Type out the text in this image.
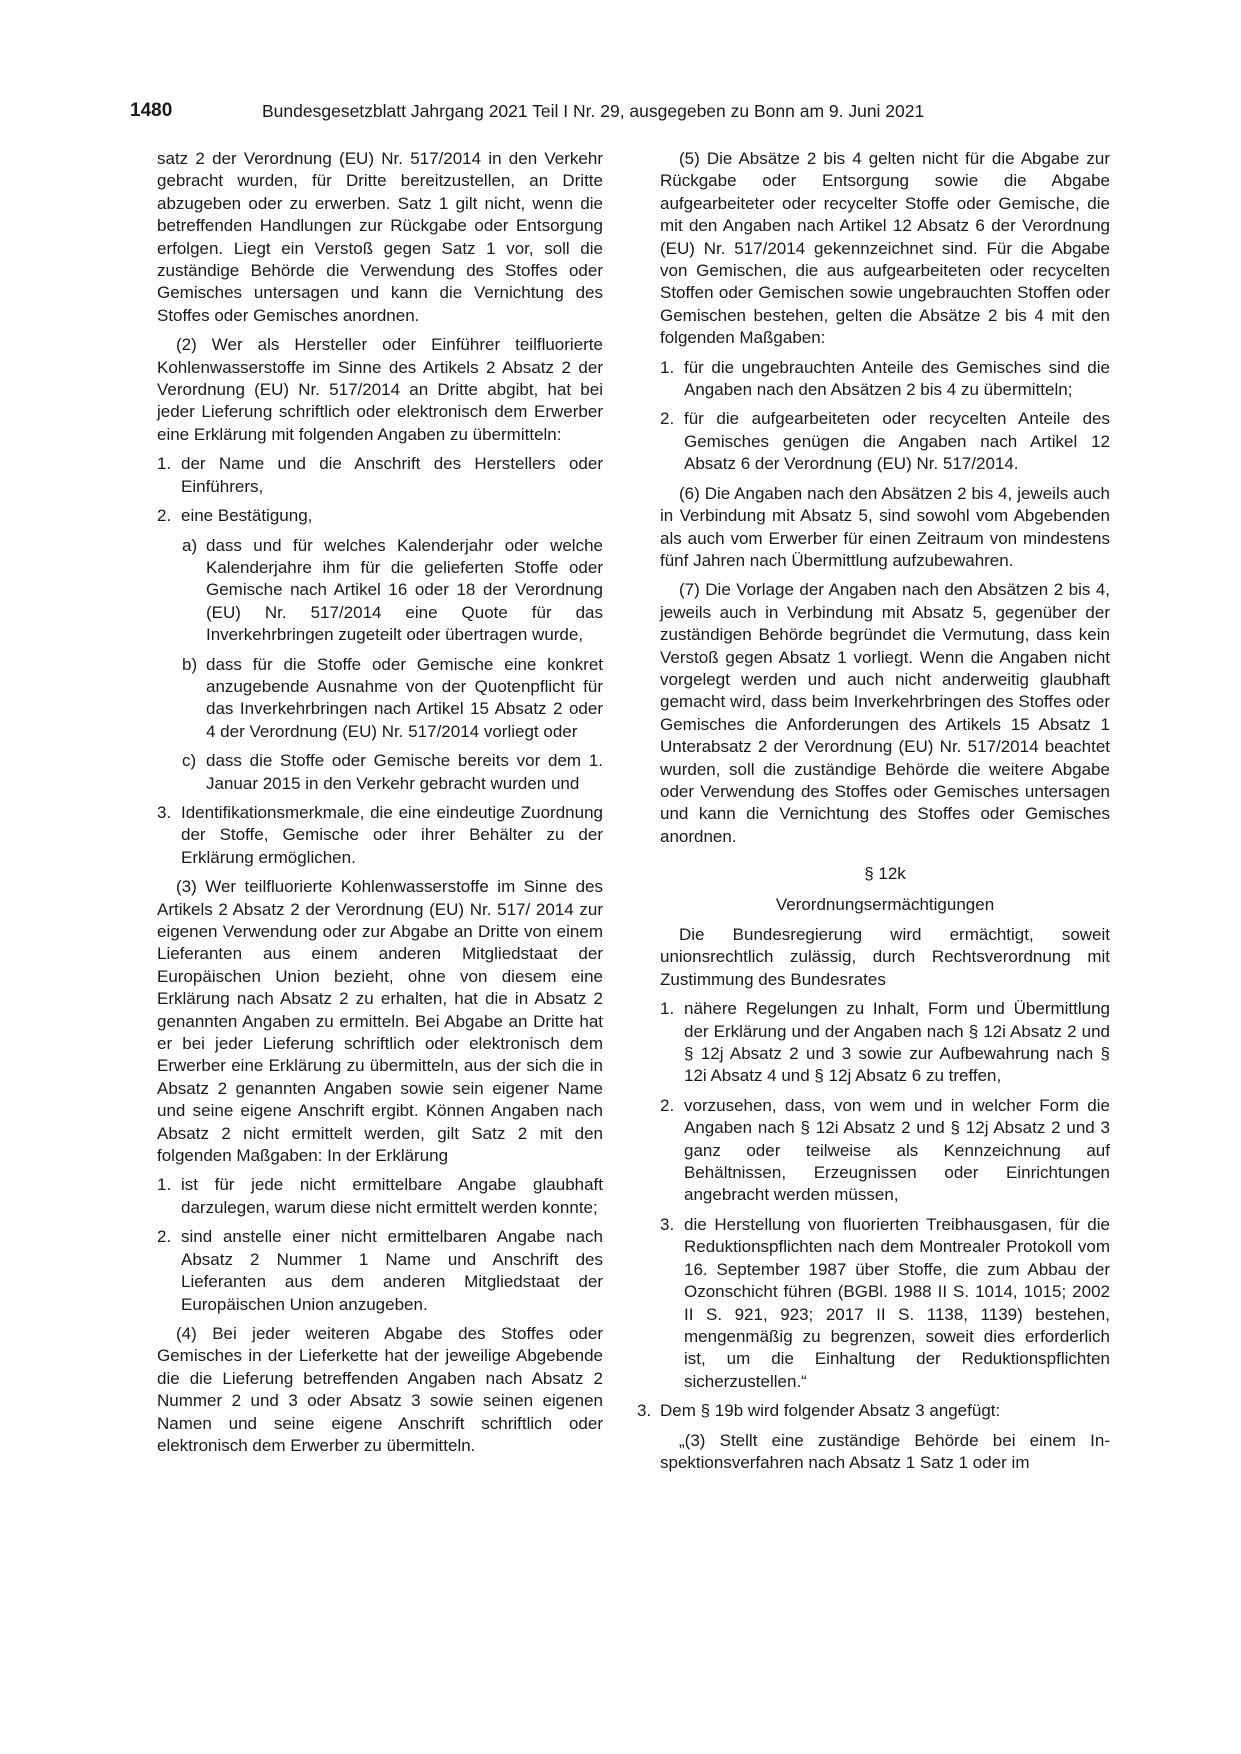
1480	Bundesgesetzblatt Jahrgang 2021 Teil I Nr. 29, ausgegeben zu Bonn am 9. Juni 2021

satz 2 der Verordnung (EU) Nr. 517/2014 in den Verkehr gebracht wurden, für Dritte bereitzustellen, an Dritte abzugeben oder zu erwerben. Satz 1 gilt nicht, wenn die betreffenden Handlungen zur Rückgabe oder Entsorgung erfolgen. Liegt ein Verstoß gegen Satz 1 vor, soll die zuständige Behörde die Verwendung des Stoffes oder Gemisches untersagen und kann die Vernichtung des Stoffes oder Gemisches anordnen.

(2) Wer als Hersteller oder Einführer teilfluorierte Kohlenwasserstoffe im Sinne des Artikels 2 Absatz 2 der Verordnung (EU) Nr. 517/2014 an Dritte abgibt, hat bei jeder Lieferung schriftlich oder elektronisch dem Erwerber eine Erklärung mit folgenden Angaben zu übermitteln:

1. der Name und die Anschrift des Herstellers oder Einführers,
2. eine Bestätigung,
a) dass und für welches Kalenderjahr oder welche Kalenderjahre ihm für die gelieferten Stoffe oder Gemische nach Artikel 16 oder 18 der Verordnung (EU) Nr. 517/2014 eine Quote für das Inverkehrbringen zugeteilt oder übertragen wurde,
b) dass für die Stoffe oder Gemische eine konkret anzugebende Ausnahme von der Quotenpflicht für das Inverkehrbringen nach Artikel 15 Absatz 2 oder 4 der Verordnung (EU) Nr. 517/2014 vorliegt oder
c) dass die Stoffe oder Gemische bereits vor dem 1. Januar 2015 in den Verkehr gebracht wurden und
3. Identifikationsmerkmale, die eine eindeutige Zuordnung der Stoffe, Gemische oder ihrer Behälter zu der Erklärung ermöglichen.

(3) Wer teilfluorierte Kohlenwasserstoffe im Sinne des Artikels 2 Absatz 2 der Verordnung (EU) Nr. 517/ 2014 zur eigenen Verwendung oder zur Abgabe an Dritte von einem Lieferanten aus einem anderen Mitgliedstaat der Europäischen Union bezieht, ohne von diesem eine Erklärung nach Absatz 2 zu erhalten, hat die in Absatz 2 genannten Angaben zu ermitteln. Bei Abgabe an Dritte hat er bei jeder Lieferung schriftlich oder elektronisch dem Erwerber eine Erklärung zu übermitteln, aus der sich die in Absatz 2 genannten Angaben sowie sein eigener Name und seine eigene Anschrift ergibt. Können Angaben nach Absatz 2 nicht ermittelt werden, gilt Satz 2 mit den folgenden Maßgaben: In der Erklärung

1. ist für jede nicht ermittelbare Angabe glaubhaft darzulegen, warum diese nicht ermittelt werden konnte;
2. sind anstelle einer nicht ermittelbaren Angabe nach Absatz 2 Nummer 1 Name und Anschrift des Lieferanten aus dem anderen Mitgliedstaat der Europäischen Union anzugeben.

(4) Bei jeder weiteren Abgabe des Stoffes oder Gemisches in der Lieferkette hat der jeweilige Abgebende die die Lieferung betreffenden Angaben nach Absatz 2 Nummer 2 und 3 oder Absatz 3 sowie seinen eigenen Namen und seine eigene Anschrift schriftlich oder elektronisch dem Erwerber zu übermitteln.

(5) Die Absätze 2 bis 4 gelten nicht für die Abgabe zur Rückgabe oder Entsorgung sowie die Abgabe aufgearbeiteter oder recycelter Stoffe oder Gemische, die mit den Angaben nach Artikel 12 Absatz 6 der Verordnung (EU) Nr. 517/2014 gekennzeichnet sind. Für die Abgabe von Gemischen, die aus aufgearbeiteten oder recycelten Stoffen oder Gemischen sowie ungebrauchten Stoffen oder Gemischen bestehen, gelten die Absätze 2 bis 4 mit den folgenden Maßgaben:

1. für die ungebrauchten Anteile des Gemisches sind die Angaben nach den Absätzen 2 bis 4 zu übermitteln;
2. für die aufgearbeiteten oder recycelten Anteile des Gemisches genügen die Angaben nach Artikel 12 Absatz 6 der Verordnung (EU) Nr. 517/2014.

(6) Die Angaben nach den Absätzen 2 bis 4, jeweils auch in Verbindung mit Absatz 5, sind sowohl vom Abgebenden als auch vom Erwerber für einen Zeitraum von mindestens fünf Jahren nach Übermittlung aufzubewahren.

(7) Die Vorlage der Angaben nach den Absätzen 2 bis 4, jeweils auch in Verbindung mit Absatz 5, gegenüber der zuständigen Behörde begründet die Vermutung, dass kein Verstoß gegen Absatz 1 vorliegt. Wenn die Angaben nicht vorgelegt werden und auch nicht anderweitig glaubhaft gemacht wird, dass beim Inverkehrbringen des Stoffes oder Gemisches die Anforderungen des Artikels 15 Absatz 1 Unterabsatz 2 der Verordnung (EU) Nr. 517/2014 beachtet wurden, soll die zuständige Behörde die weitere Abgabe oder Verwendung des Stoffes oder Gemisches untersagen und kann die Vernichtung des Stoffes oder Gemisches anordnen.

§ 12k

Verordnungsermächtigungen

Die Bundesregierung wird ermächtigt, soweit unionsrechtlich zulässig, durch Rechtsverordnung mit Zustimmung des Bundesrates

1. nähere Regelungen zu Inhalt, Form und Übermittlung der Erklärung und der Angaben nach § 12i Absatz 2 und § 12j Absatz 2 und 3 sowie zur Aufbewahrung nach § 12i Absatz 4 und § 12j Absatz 6 zu treffen,
2. vorzusehen, dass, von wem und in welcher Form die Angaben nach § 12i Absatz 2 und § 12j Absatz 2 und 3 ganz oder teilweise als Kennzeichnung auf Behältnissen, Erzeugnissen oder Einrichtungen angebracht werden müssen,
3. die Herstellung von fluorierten Treibhausgasen, für die Reduktionspflichten nach dem Montrealer Protokoll vom 16. September 1987 über Stoffe, die zum Abbau der Ozonschicht führen (BGBl. 1988 II S. 1014, 1015; 2002 II S. 921, 923; 2017 II S. 1138, 1139) bestehen, mengenmäßig zu begrenzen, soweit dies erforderlich ist, um die Einhaltung der Reduktionspflichten sicherzustellen.“
3. Dem § 19b wird folgender Absatz 3 angefügt:

„(3) Stellt eine zuständige Behörde bei einem Inspektionsverfahren nach Absatz 1 Satz 1 oder im
